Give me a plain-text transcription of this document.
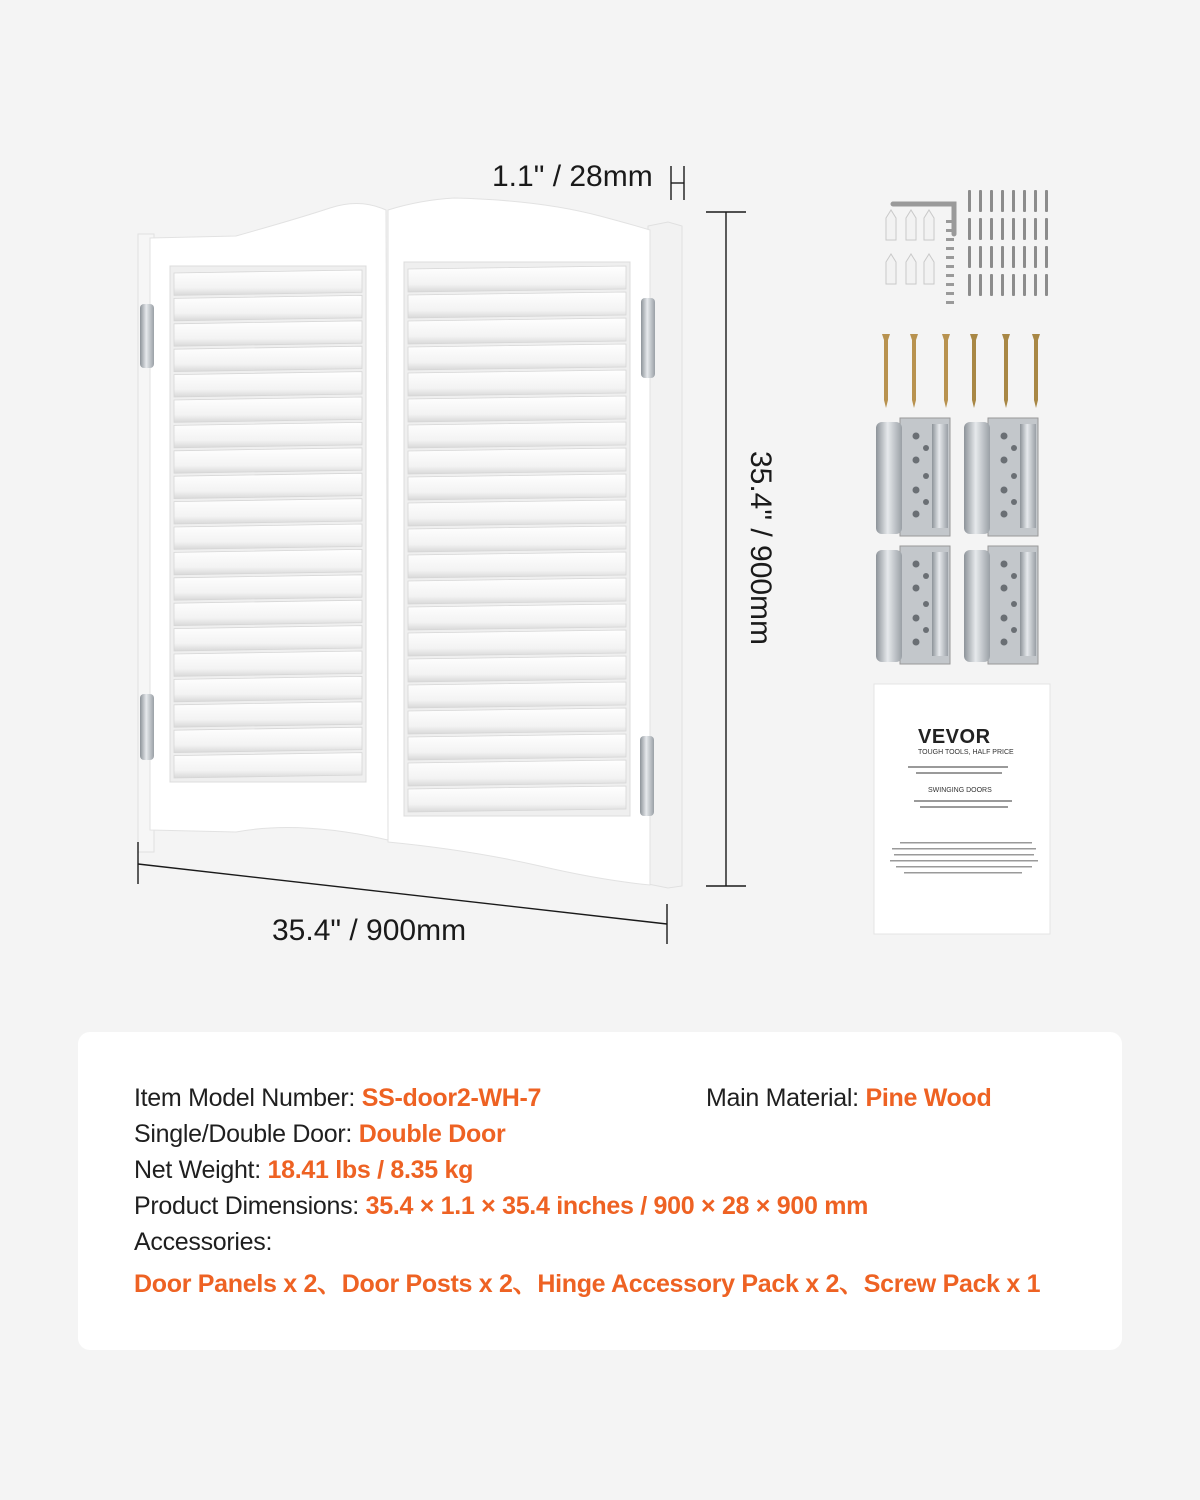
1.1" / 28mm
35.4" / 900mm
35.4" / 900mm
VEVOR
TOUGH TOOLS, HALF PRICE
SWINGING DOORS
Item Model Number: SS-door2-WH-7	Main Material: Pine Wood
Single/Double Door: Double Door
Net Weight: 18.41 lbs / 8.35 kg
Product Dimensions: 35.4 × 1.1 × 35.4 inches / 900 × 28 × 900 mm
Accessories:
Door Panels x 2、Door Posts x 2、Hinge Accessory Pack x 2、Screw Pack x 1
